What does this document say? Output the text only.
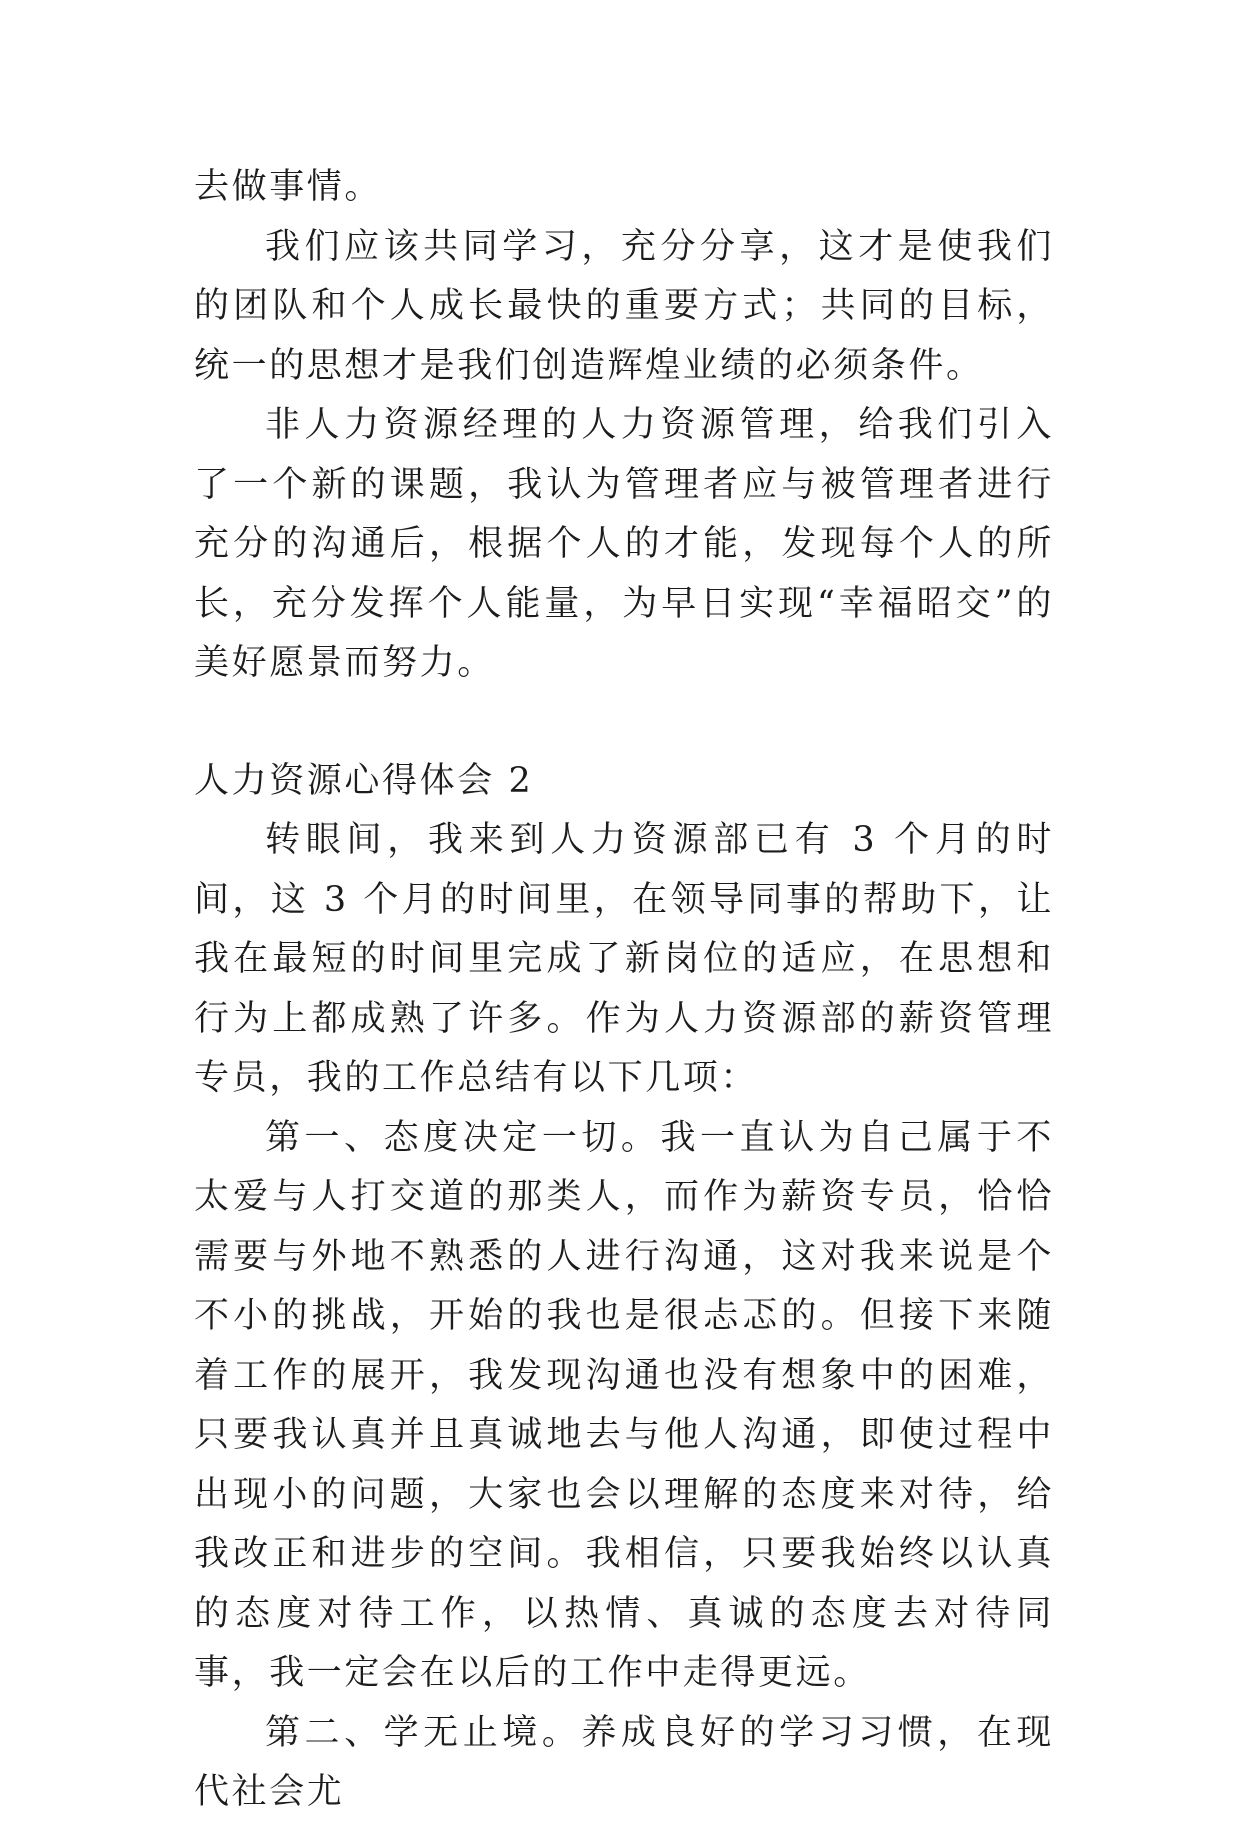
去做事情。

我们应该共同学习，充分分享，这才是使我们的团队和个人成长最快的重要方式；共同的目标，统一的思想才是我们创造辉煌业绩的必须条件。

非人力资源经理的人力资源管理，给我们引入了一个新的课题，我认为管理者应与被管理者进行充分的沟通后，根据个人的才能，发现每个人的所长，充分发挥个人能量，为早日实现“幸福昭交”的美好愿景而努力。

人力资源心得体会 2

转眼间，我来到人力资源部已有 3 个月的时间，这 3 个月的时间里，在领导同事的帮助下，让我在最短的时间里完成了新岗位的适应，在思想和行为上都成熟了许多。作为人力资源部的薪资管理专员，我的工作总结有以下几项：

第一、态度决定一切。我一直认为自己属于不太爱与人打交道的那类人，而作为薪资专员，恰恰需要与外地不熟悉的人进行沟通，这对我来说是个不小的挑战，开始的我也是很忐忑的。但接下来随着工作的展开，我发现沟通也没有想象中的困难，只要我认真并且真诚地去与他人沟通，即使过程中出现小的问题，大家也会以理解的态度来对待，给我改正和进步的空间。我相信，只要我始终以认真的态度对待工作，以热情、真诚的态度去对待同事，我一定会在以后的工作中走得更远。

第二、学无止境。养成良好的学习习惯，在现代社会尤
